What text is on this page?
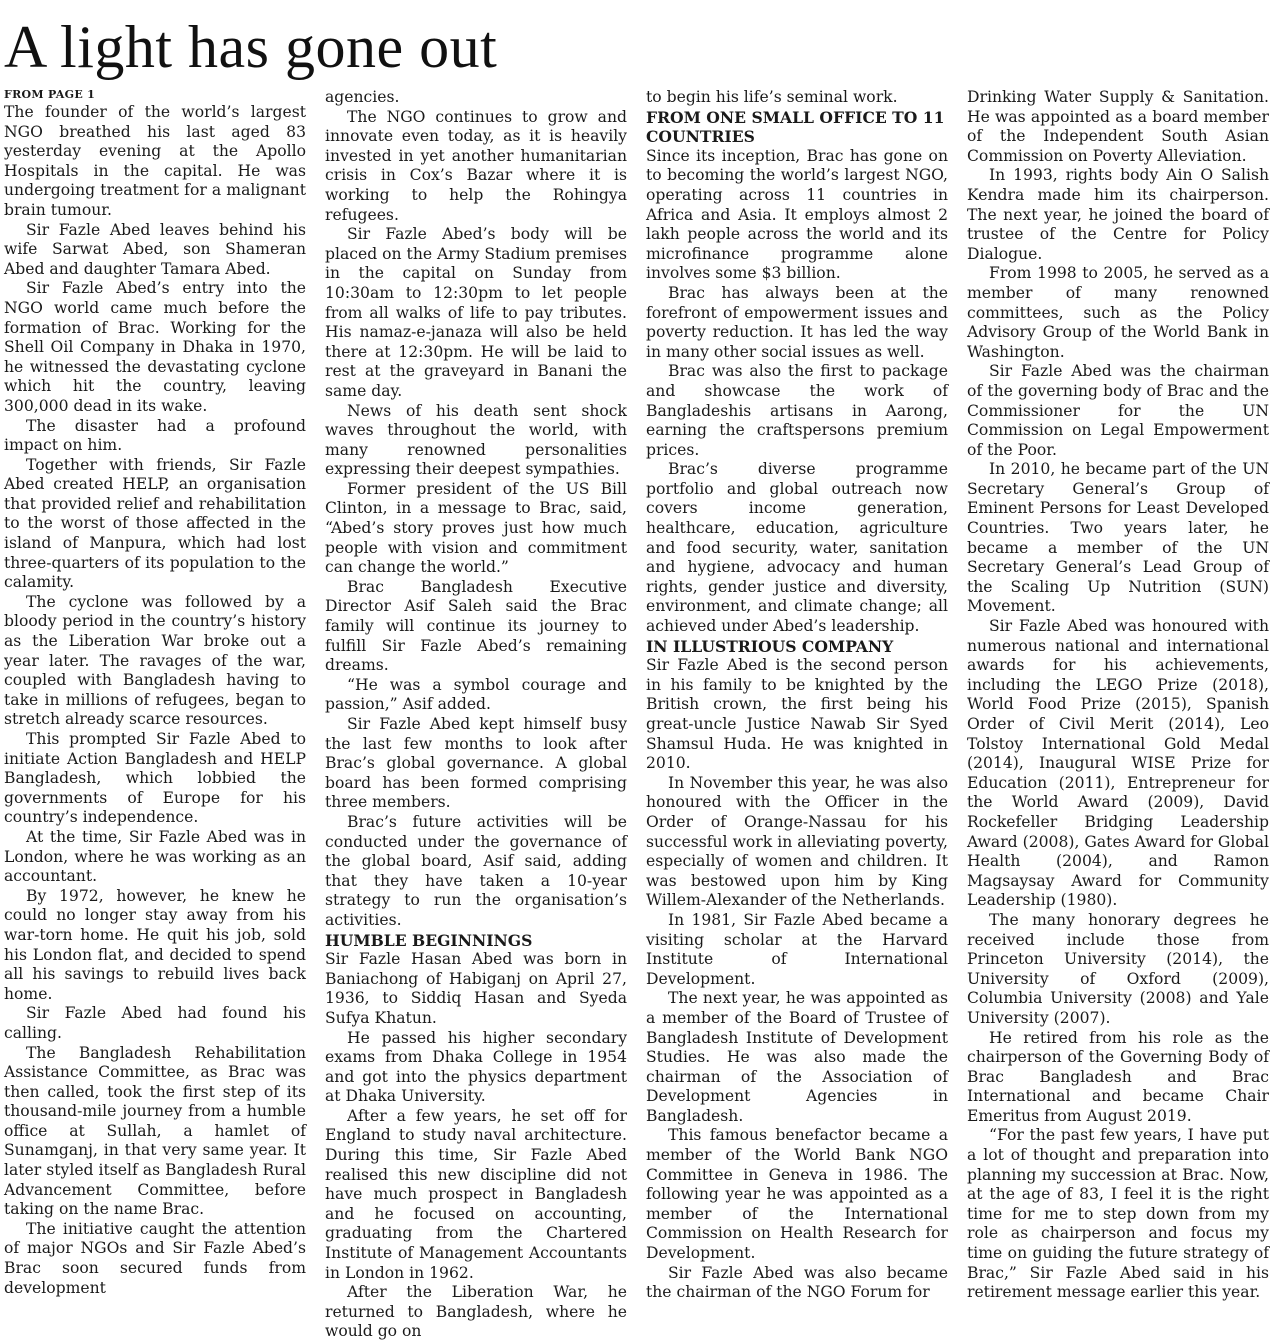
A light has gone out
FROM PAGE 1

The founder of the world’s largest NGO breathed his last aged 83 yesterday evening at the Apollo Hospitals in the capital. He was undergoing treatment for a malignant brain tumour.

Sir Fazle Abed leaves behind his wife Sarwat Abed, son Shameran Abed and daughter Tamara Abed.

Sir Fazle Abed’s entry into the NGO world came much before the formation of Brac. Working for the Shell Oil Company in Dhaka in 1970, he witnessed the devastating cyclone which hit the country, leaving 300,000 dead in its wake.

The disaster had a profound impact on him.

Together with friends, Sir Fazle Abed created HELP, an organisation that provided relief and rehabilitation to the worst of those affected in the island of Manpura, which had lost three-quarters of its population to the calamity.

The cyclone was followed by a bloody period in the country’s history as the Liberation War broke out a year later. The ravages of the war, coupled with Bangladesh having to take in millions of refugees, began to stretch already scarce resources.

This prompted Sir Fazle Abed to initiate Action Bangladesh and HELP Bangladesh, which lobbied the governments of Europe for his country’s independence.

At the time, Sir Fazle Abed was in London, where he was working as an accountant.

By 1972, however, he knew he could no longer stay away from his war-torn home. He quit his job, sold his London flat, and decided to spend all his savings to rebuild lives back home.

Sir Fazle Abed had found his calling.

The Bangladesh Rehabilitation Assistance Committee, as Brac was then called, took the first step of its thousand-mile journey from a humble office at Sullah, a hamlet of Sunamganj, in that very same year. It later styled itself as Bangladesh Rural Advancement Committee, before taking on the name Brac.

The initiative caught the attention of major NGOs and Sir Fazle Abed’s Brac soon secured funds from development

agencies.

The NGO continues to grow and innovate even today, as it is heavily invested in yet another humanitarian crisis in Cox’s Bazar where it is working to help the Rohingya refugees.

Sir Fazle Abed’s body will be placed on the Army Stadium premises in the capital on Sunday from 10:30am to 12:30pm to let people from all walks of life to pay tributes. His namaz-e-janaza will also be held there at 12:30pm. He will be laid to rest at the graveyard in Banani the same day.

News of his death sent shock waves throughout the world, with many renowned personalities expressing their deepest sympathies.

Former president of the US Bill Clinton, in a message to Brac, said, “Abed’s story proves just how much people with vision and commitment can change the world.”

Brac Bangladesh Executive Director Asif Saleh said the Brac family will continue its journey to fulfill Sir Fazle Abed’s remaining dreams.

“He was a symbol courage and passion,” Asif added.

Sir Fazle Abed kept himself busy the last few months to look after Brac’s global governance. A global board has been formed comprising three members.

Brac’s future activities will be conducted under the governance of the global board, Asif said, adding that they have taken a 10-year strategy to run the organisation’s activities.

HUMBLE BEGINNINGS

Sir Fazle Hasan Abed was born in Baniachong of Habiganj on April 27, 1936, to Siddiq Hasan and Syeda Sufya Khatun.

He passed his higher secondary exams from Dhaka College in 1954 and got into the physics department at Dhaka University.

After a few years, he set off for England to study naval architecture. During this time, Sir Fazle Abed realised this new discipline did not have much prospect in Bangladesh and he focused on accounting, graduating from the Chartered Institute of Management Accountants in London in 1962.

After the Liberation War, he returned to Bangladesh, where he would go on

to begin his life’s seminal work.

FROM ONE SMALL OFFICE TO 11 COUNTRIES

Since its inception, Brac has gone on to becoming the world’s largest NGO, operating across 11 countries in Africa and Asia. It employs almost 2 lakh people across the world and its microfinance programme alone involves some $3 billion.

Brac has always been at the forefront of empowerment issues and poverty reduction. It has led the way in many other social issues as well.

Brac was also the first to package and showcase the work of Bangladeshis artisans in Aarong, earning the craftspersons premium prices.

Brac’s diverse programme portfolio and global outreach now covers income generation, healthcare, education, agriculture and food security, water, sanitation and hygiene, advocacy and human rights, gender justice and diversity, environment, and climate change; all achieved under Abed’s leadership.

IN ILLUSTRIOUS COMPANY

Sir Fazle Abed is the second person in his family to be knighted by the British crown, the first being his great-uncle Justice Nawab Sir Syed Shamsul Huda. He was knighted in 2010.

In November this year, he was also honoured with the Officer in the Order of Orange-Nassau for his successful work in alleviating poverty, especially of women and children. It was bestowed upon him by King Willem-Alexander of the Netherlands.

In 1981, Sir Fazle Abed became a visiting scholar at the Harvard Institute of International Development.

The next year, he was appointed as a member of the Board of Trustee of Bangladesh Institute of Development Studies. He was also made the chairman of the Association of Development Agencies in Bangladesh.

This famous benefactor became a member of the World Bank NGO Committee in Geneva in 1986. The following year he was appointed as a member of the International Commission on Health Research for Development.

Sir Fazle Abed was also became the chairman of the NGO Forum for

Drinking Water Supply & Sanitation. He was appointed as a board member of the Independent South Asian Commission on Poverty Alleviation.

In 1993, rights body Ain O Salish Kendra made him its chairperson. The next year, he joined the board of trustee of the Centre for Policy Dialogue.

From 1998 to 2005, he served as a member of many renowned committees, such as the Policy Advisory Group of the World Bank in Washington.

Sir Fazle Abed was the chairman of the governing body of Brac and the Commissioner for the UN Commission on Legal Empowerment of the Poor.

In 2010, he became part of the UN Secretary General’s Group of Eminent Persons for Least Developed Countries. Two years later, he became a member of the UN Secretary General’s Lead Group of the Scaling Up Nutrition (SUN) Movement.

Sir Fazle Abed was honoured with numerous national and international awards for his achievements, including the LEGO Prize (2018), World Food Prize (2015), Spanish Order of Civil Merit (2014), Leo Tolstoy International Gold Medal (2014), Inaugural WISE Prize for Education (2011), Entrepreneur for the World Award (2009), David Rockefeller Bridging Leadership Award (2008), Gates Award for Global Health (2004), and Ramon Magsaysay Award for Community Leadership (1980).

The many honorary degrees he received include those from Princeton University (2014), the University of Oxford (2009), Columbia University (2008) and Yale University (2007).

He retired from his role as the chairperson of the Governing Body of Brac Bangladesh and Brac International and became Chair Emeritus from August 2019.

“For the past few years, I have put a lot of thought and preparation into planning my succession at Brac. Now, at the age of 83, I feel it is the right time for me to step down from my role as chairperson and focus my time on guiding the future strategy of Brac,” Sir Fazle Abed said in his retirement message earlier this year.
